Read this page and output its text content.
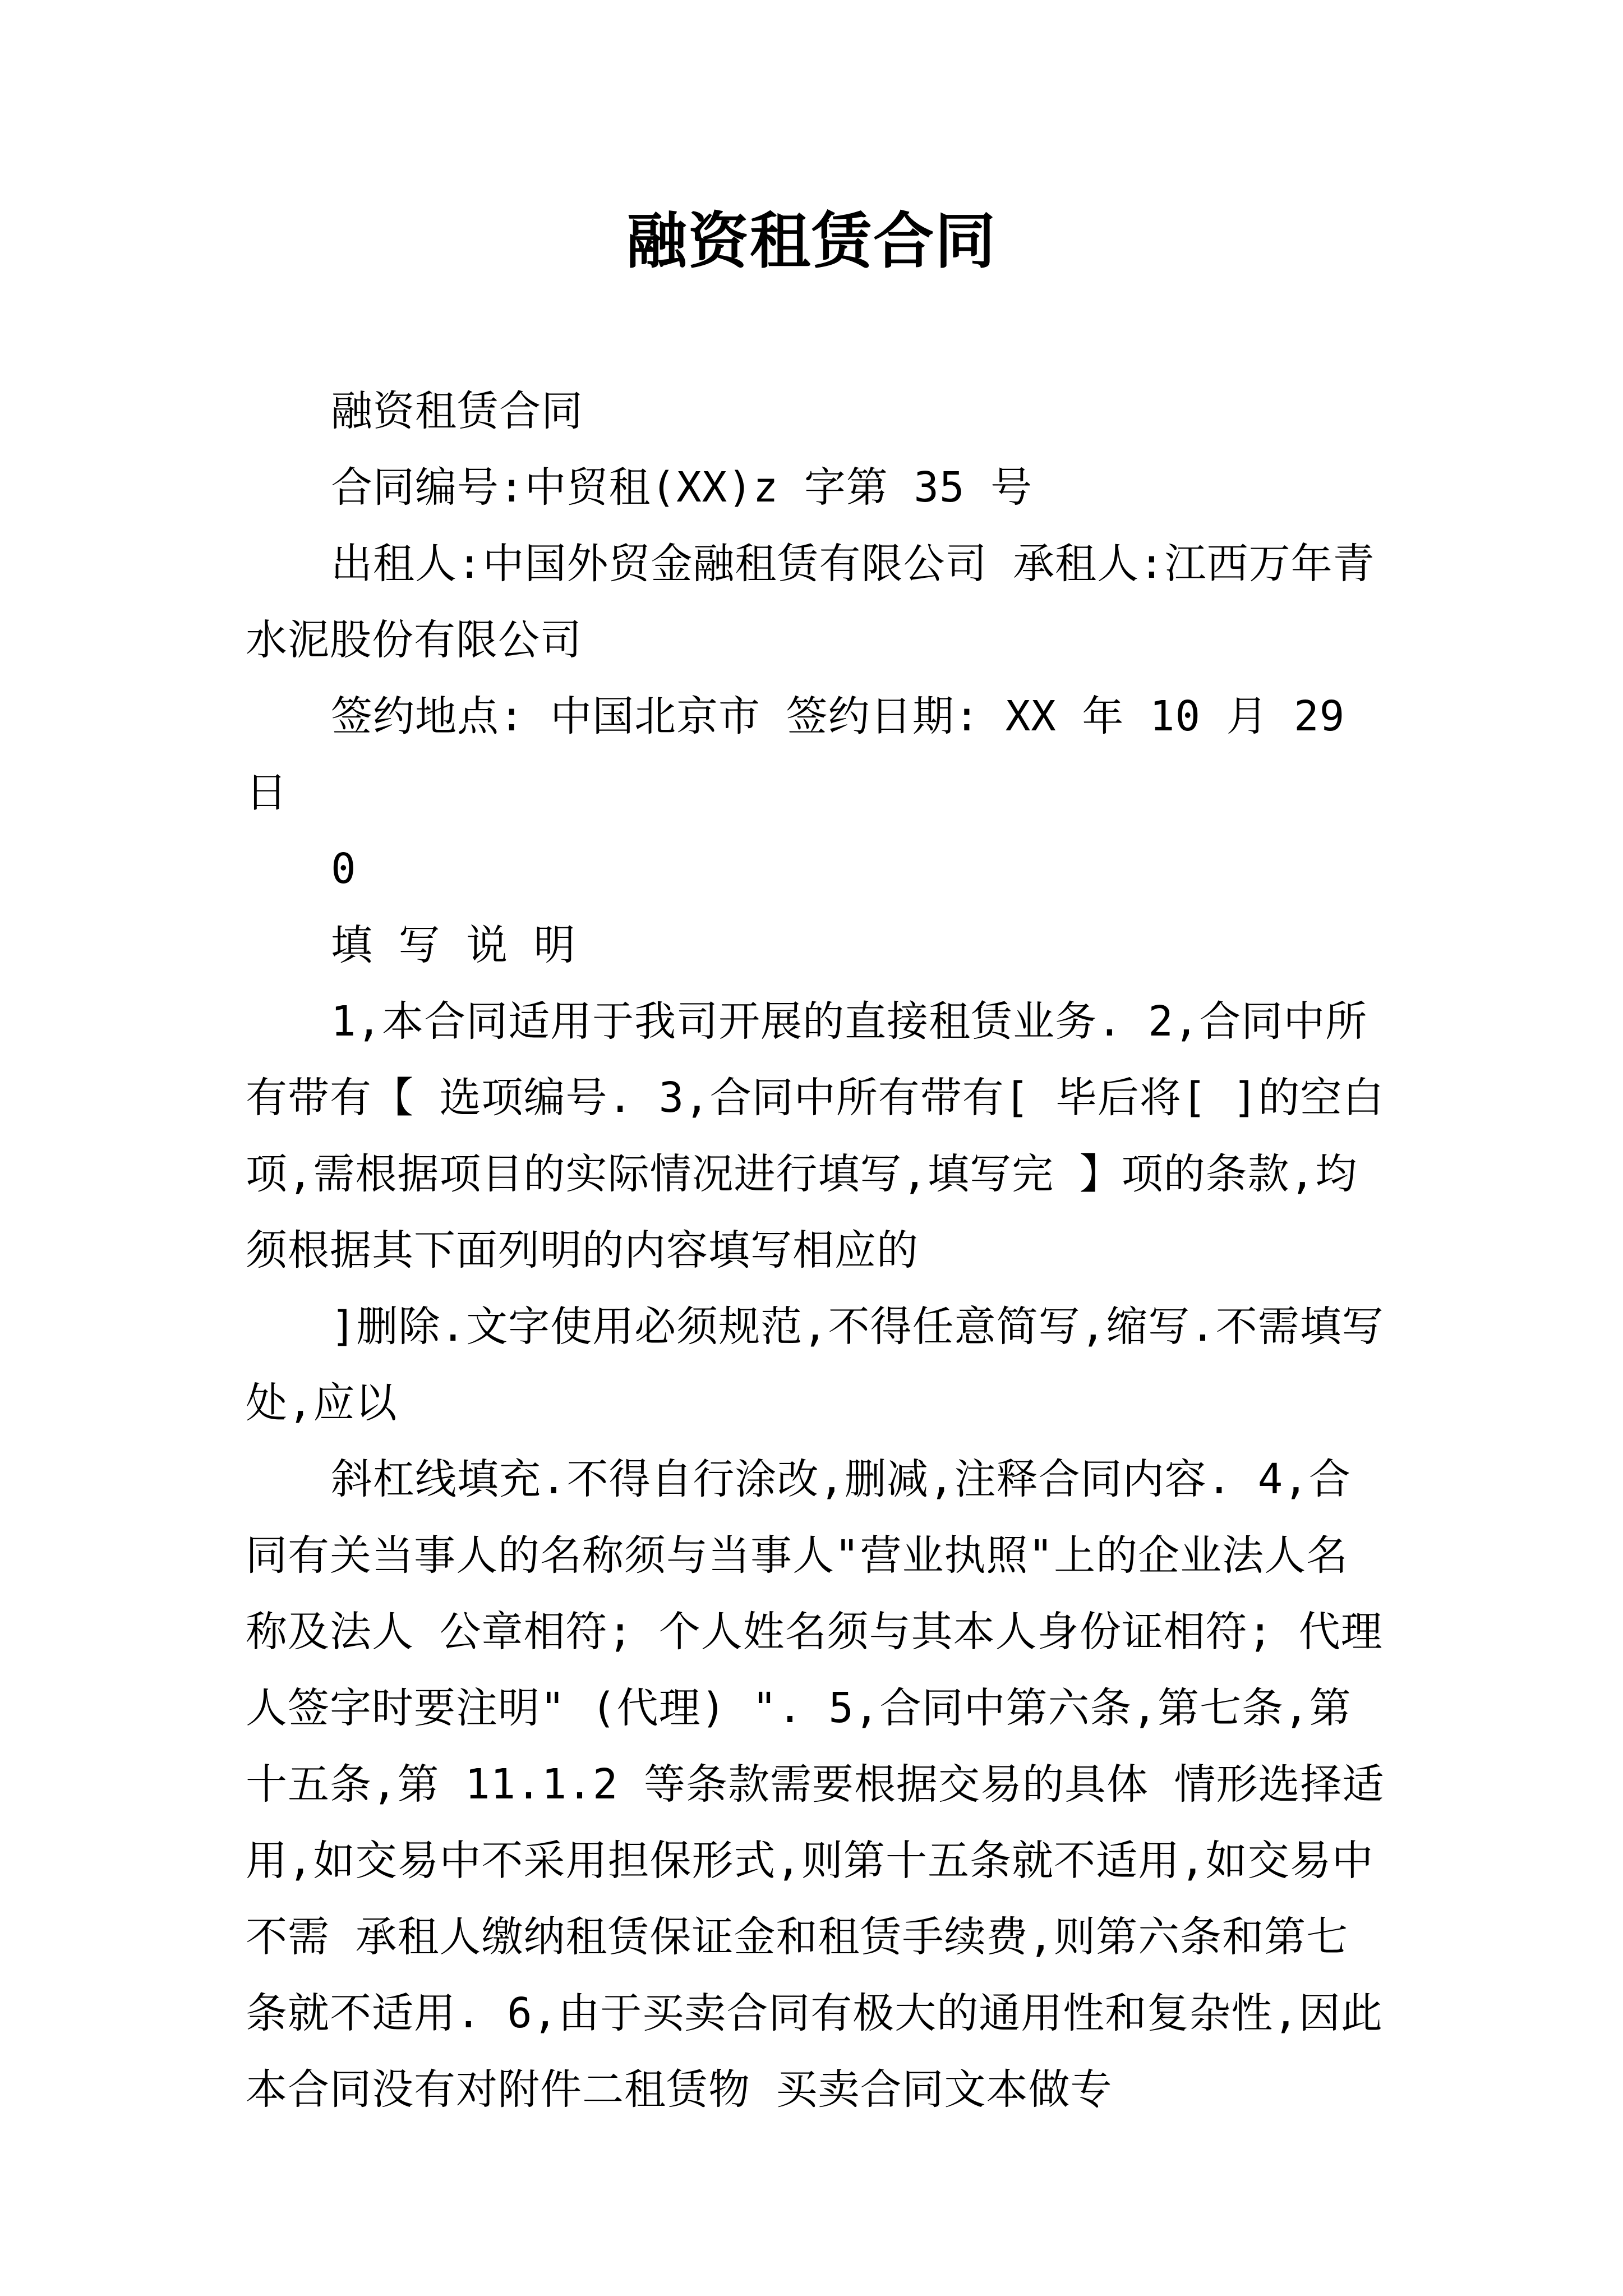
融资租赁合同

融资租赁合同

合同编号:中贸租(XX)z 字第 35 号

出租人:中国外贸金融租赁有限公司 承租人:江西万年青水泥股份有限公司

签约地点: 中国北京市 签约日期: XX 年 10 月 29 日

0

填 写 说 明

1,本合同适用于我司开展的直接租赁业务. 2,合同中所有带有【 选项编号. 3,合同中所有带有[ 毕后将[ ]的空白项,需根据项目的实际情况进行填写,填写完 】项的条款,均须根据其下面列明的内容填写相应的

]删除.文字使用必须规范,不得任意简写,缩写.不需填写处,应以

斜杠线填充.不得自行涂改,删减,注释合同内容. 4,合同有关当事人的名称须与当事人"营业执照"上的企业法人名称及法人 公章相符; 个人姓名须与其本人身份证相符; 代理人签字时要注明" (代理) ". 5,合同中第六条,第七条,第十五条,第 11.1.2 等条款需要根据交易的具体 情形选择适用,如交易中不采用担保形式,则第十五条就不适用,如交易中不需 承租人缴纳租赁保证金和租赁手续费,则第六条和第七条就不适用. 6,由于买卖合同有极大的通用性和复杂性,因此本合同没有对附件二租赁物 买卖合同文本做专
